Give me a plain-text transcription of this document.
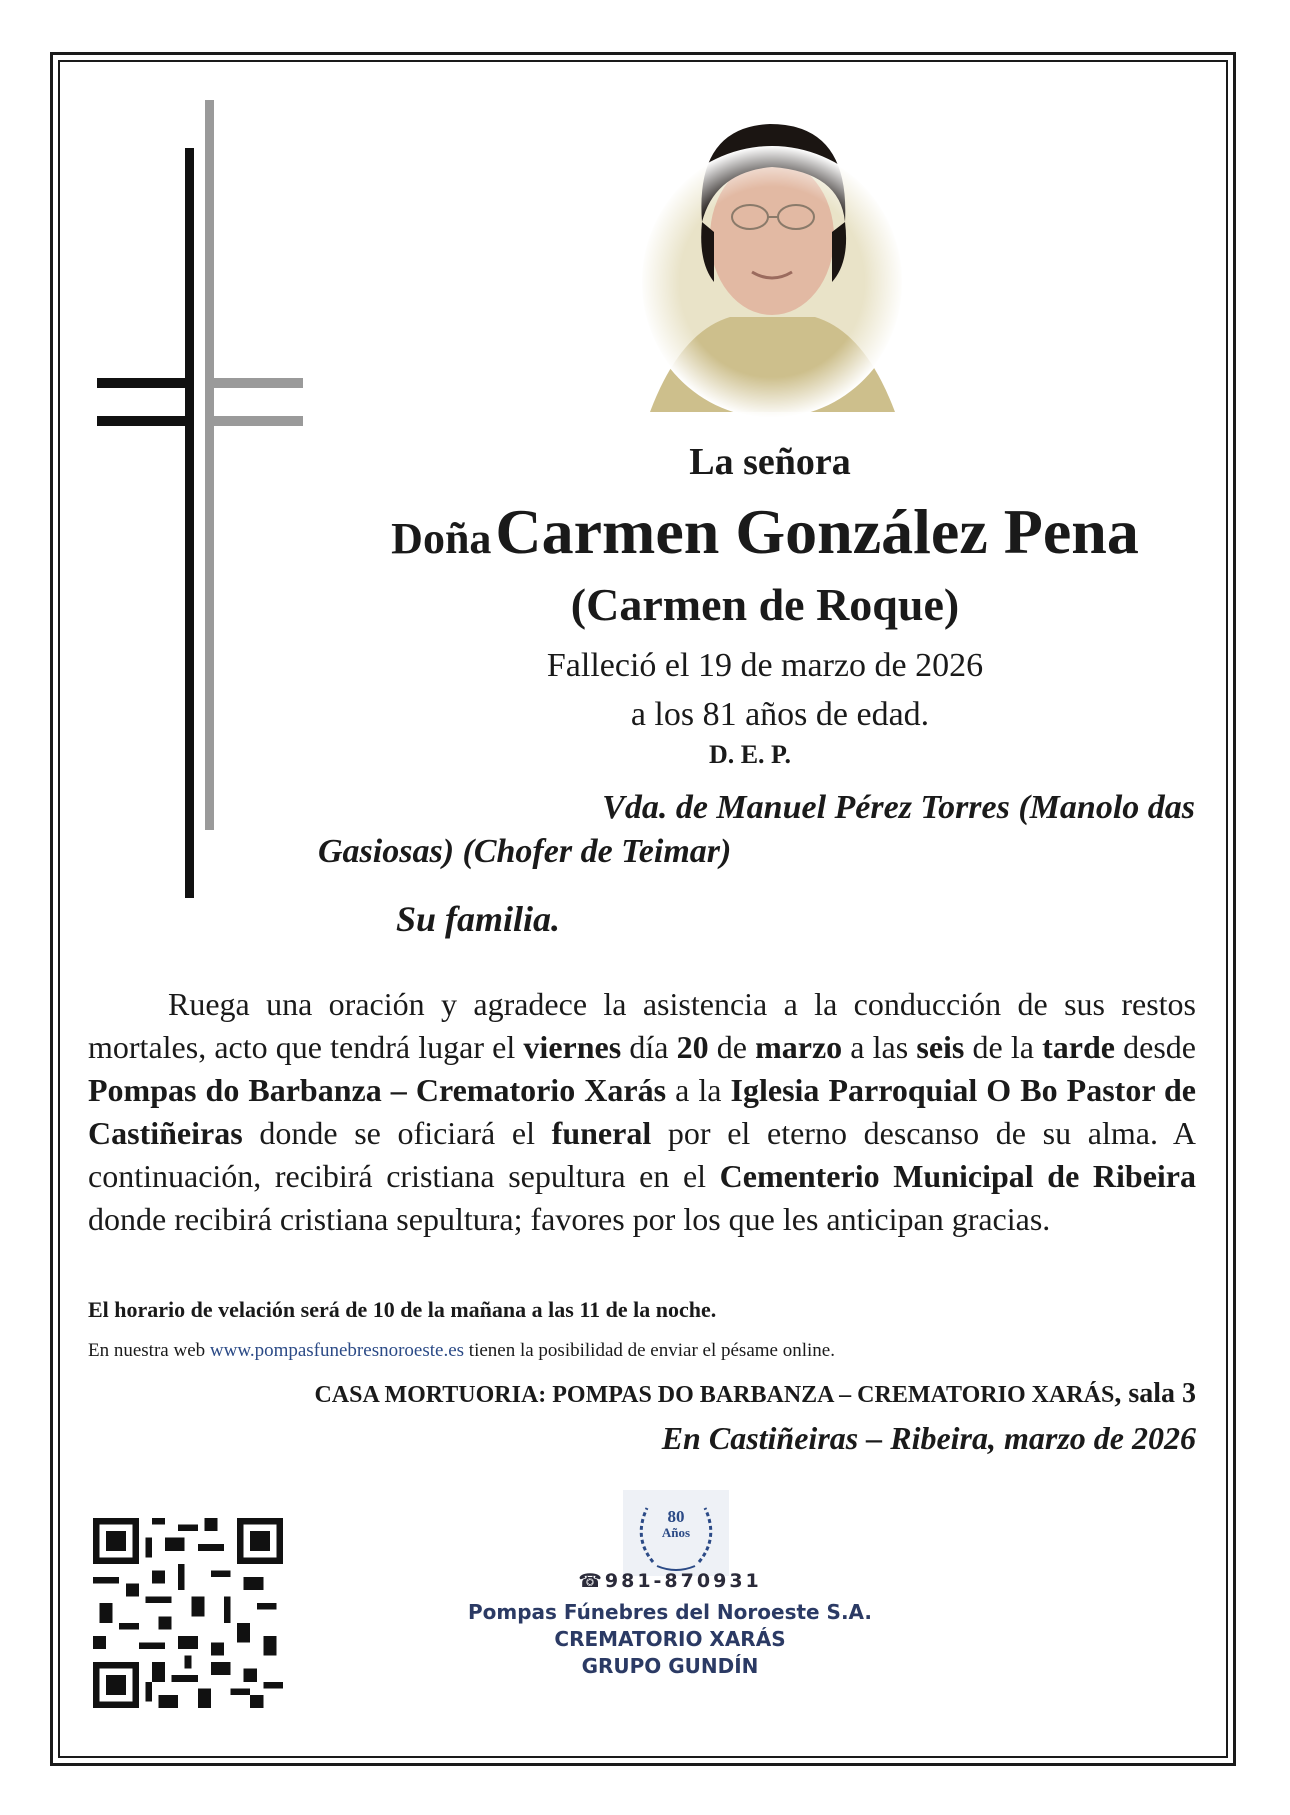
La señora
Doña Carmen González Pena
(Carmen de Roque)
Falleció el 19 de marzo de 2026
a los 81 años de edad.
D. E. P.
Vda. de Manuel Pérez Torres (Manolo das
Gasiosas) (Chofer de Teimar)
Su familia.

Ruega una oración y agradece la asistencia a la conducción de sus restos mortales, acto que tendrá lugar el viernes día 20 de marzo a las seis de la tarde desde Pompas do Barbanza – Crematorio Xarás a la Iglesia Parroquial O Bo Pastor de Castiñeiras donde se oficiará el funeral por el eterno descanso de su alma. A continuación, recibirá cristiana sepultura en el Cementerio Municipal de Ribeira donde recibirá cristiana sepultura; favores por los que les anticipan gracias.

El horario de velación será de 10 de la mañana a las 11 de la noche.
En nuestra web www.pompasfunebresnoroeste.es tienen la posibilidad de enviar el pésame online.
CASA MORTUORIA: POMPAS DO BARBANZA – CREMATORIO XARÁS, sala 3
En Castiñeiras – Ribeira, marzo de 2026
80
Años
☎981-870931
Pompas Fúnebres del Noroeste S.A.
CREMATORIO XARÁS
GRUPO GUNDÍN
